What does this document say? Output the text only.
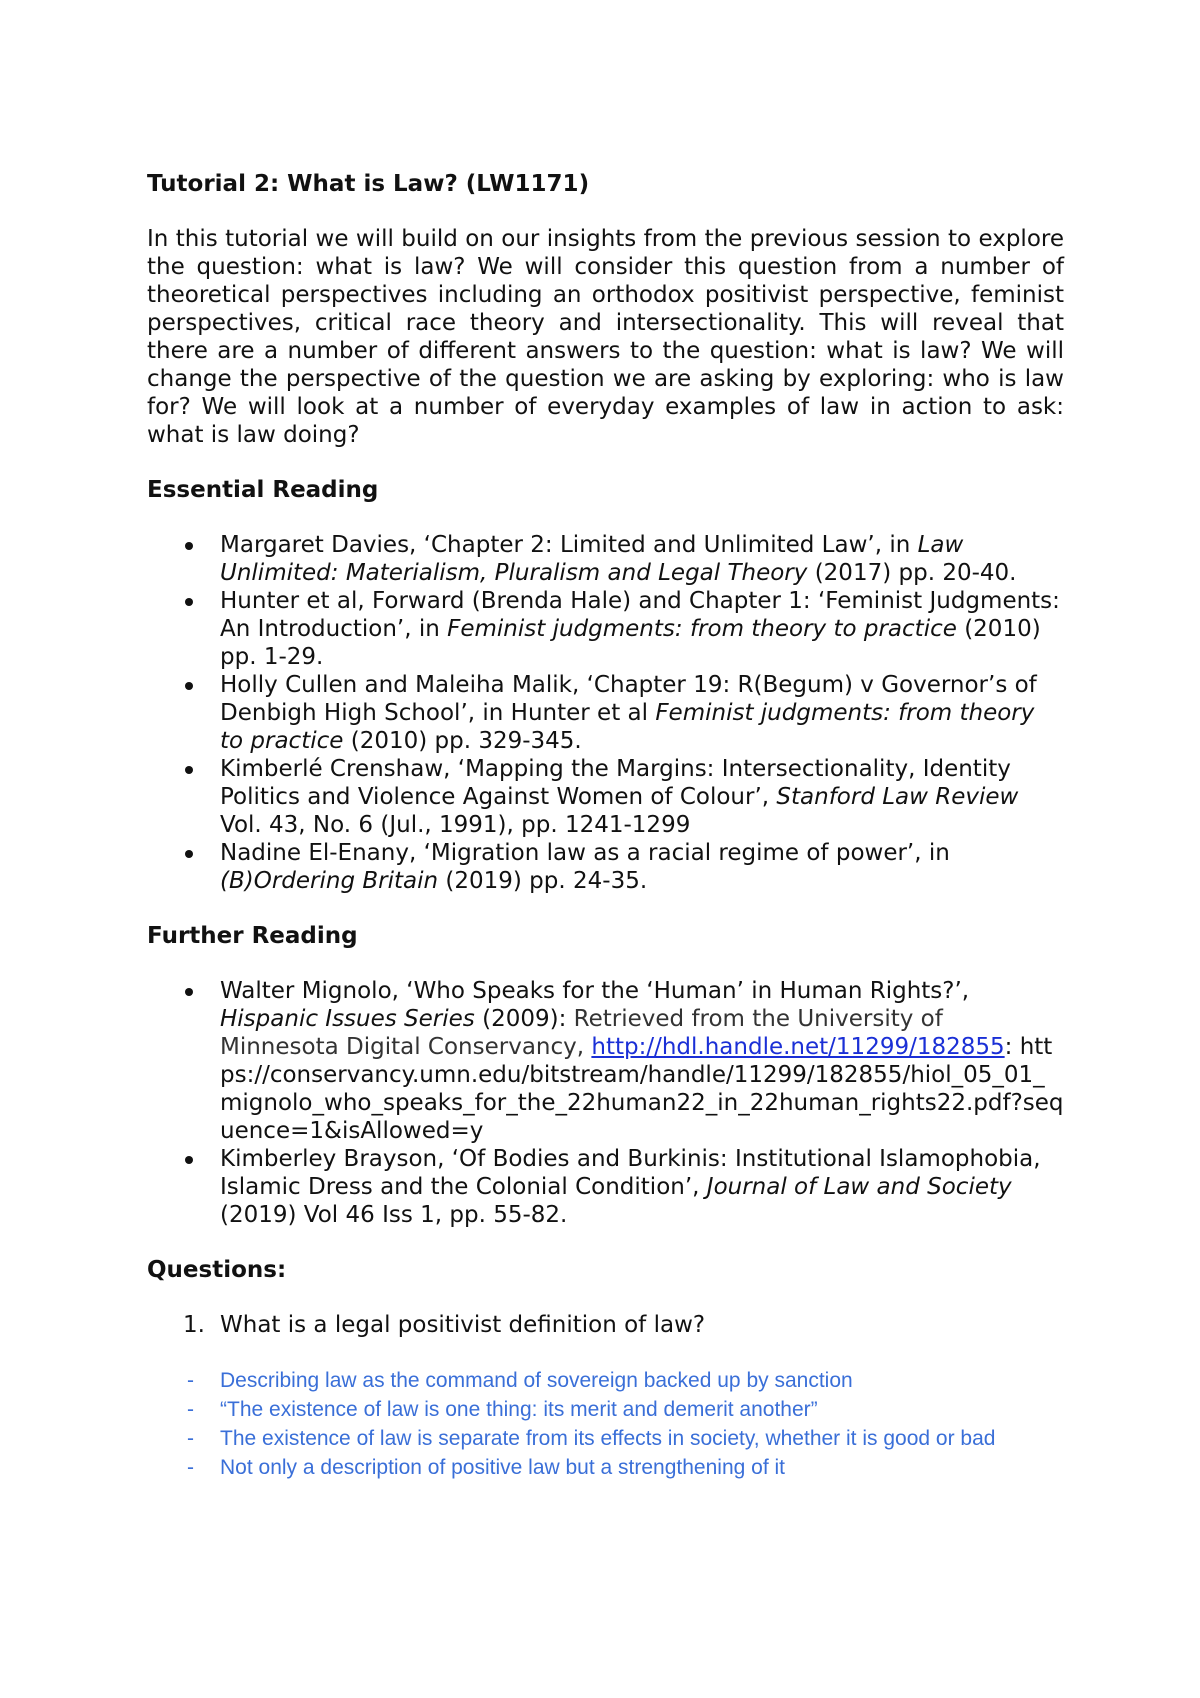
Tutorial 2: What is Law? (LW1171)
In this tutorial we will build on our insights from the previous session to explore the question: what is law? We will consider this question from a number of theoretical perspectives including an orthodox positivist perspective, feminist perspectives, critical race theory and intersectionality. This will reveal that there are a number of different answers to the question: what is law? We will change the perspective of the question we are asking by exploring: who is law for? We will look at a number of everyday examples of law in action to ask: what is law doing?
Essential Reading
Margaret Davies, ‘Chapter 2: Limited and Unlimited Law’, in Law Unlimited: Materialism, Pluralism and Legal Theory (2017) pp. 20-40.
Hunter et al, Forward (Brenda Hale) and Chapter 1: ‘Feminist Judgments: An Introduction’, in Feminist judgments: from theory to practice (2010) pp. 1-29.
Holly Cullen and Maleiha Malik, ‘Chapter 19: R(Begum) v Governor’s of Denbigh High School’, in Hunter et al Feminist judgments: from theory to practice (2010) pp. 329-345.
Kimberlé Crenshaw, ‘Mapping the Margins: Intersectionality, Identity Politics and Violence Against Women of Colour’, Stanford Law Review Vol. 43, No. 6 (Jul., 1991), pp. 1241-1299
Nadine El-Enany, ‘Migration law as a racial regime of power’, in (B)Ordering Britain (2019) pp. 24-35.
Further Reading
Walter Mignolo, ‘Who Speaks for the ‘Human’ in Human Rights?’, Hispanic Issues Series (2009): Retrieved from the University of Minnesota Digital Conservancy, http://hdl.handle.net/11299/182855: https://conservancy.umn.edu/bitstream/handle/11299/182855/hiol_05_01_mignolo_who_speaks_for_the_22human22_in_22human_rights22.pdf?sequence=1&isAllowed=y
Kimberley Brayson, ‘Of Bodies and Burkinis: Institutional Islamophobia, Islamic Dress and the Colonial Condition’, Journal of Law and Society (2019) Vol 46 Iss 1, pp. 55-82.
Questions:
1. What is a legal positivist definition of law?
- Describing law as the command of sovereign backed up by sanction
- “The existence of law is one thing: its merit and demerit another”
- The existence of law is separate from its effects in society, whether it is good or bad
- Not only a description of positive law but a strengthening of it
